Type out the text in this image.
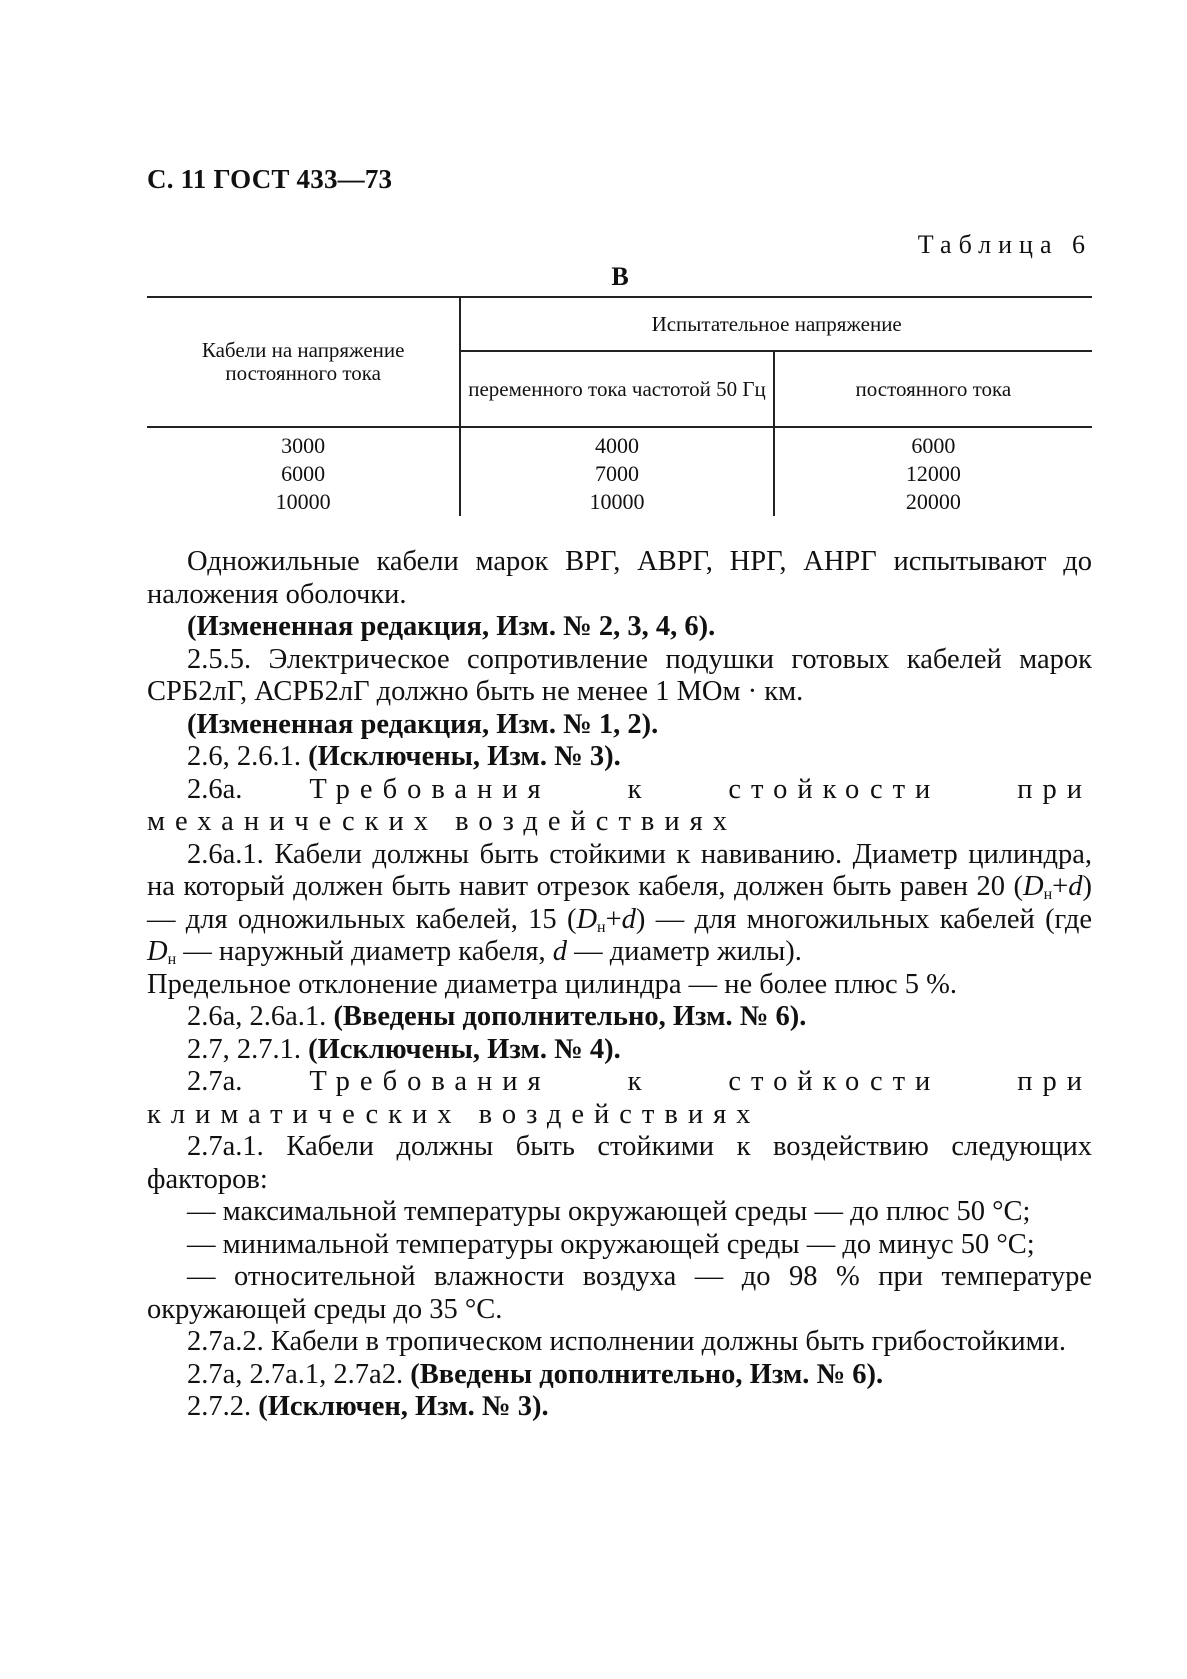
С. 11 ГОСТ 433—73
Таблица 6
В
Кабели на напряжение постоянного тока	Испытательное напряжение	
	переменного тока частотой 50 Гц	постоянного тока
3000	4000	6000
6000	7000	12000
10000	10000	20000

Одножильные кабели марок ВРГ, АВРГ, НРГ, АНРГ испытывают до наложения оболочки.

(Измененная редакция, Изм. № 2, 3, 4, 6).

2.5.5. Электрическое сопротивление подушки готовых кабелей марок СРБ2лГ, АСРБ2лГ должно быть не менее 1 МОм · км.

(Измененная редакция, Изм. № 1, 2).

2.6, 2.6.1. (Исключены, Изм. № 3).

2.6а. Требования к стойкости при механических воздействиях

2.6а.1. Кабели должны быть стойкими к навиванию. Диаметр цилиндра, на который должен быть навит отрезок кабеля, должен быть равен 20 $(D_н+d)$ — для одножильных кабелей, 15 $(D_н+d)$ — для многожильных кабелей (где $D_н$ — наружный диаметр кабеля, d — диаметр жилы).

Предельное отклонение диаметра цилиндра — не более плюс 5 %.

2.6а, 2.6а.1. (Введены дополнительно, Изм. № 6).

2.7, 2.7.1. (Исключены, Изм. № 4).

2.7а. Требования к стойкости при климатических воздействиях

2.7а.1. Кабели должны быть стойкими к воздействию следующих факторов:

— максимальной температуры окружающей среды — до плюс 50 °С;

— минимальной температуры окружающей среды — до минус 50 °С;

— относительной влажности воздуха — до 98 % при температуре окружающей среды до 35 °С.

2.7а.2. Кабели в тропическом исполнении должны быть грибостойкими.

2.7а, 2.7а.1, 2.7а2. (Введены дополнительно, Изм. № 6).

2.7.2. (Исключен, Изм. № 3).
